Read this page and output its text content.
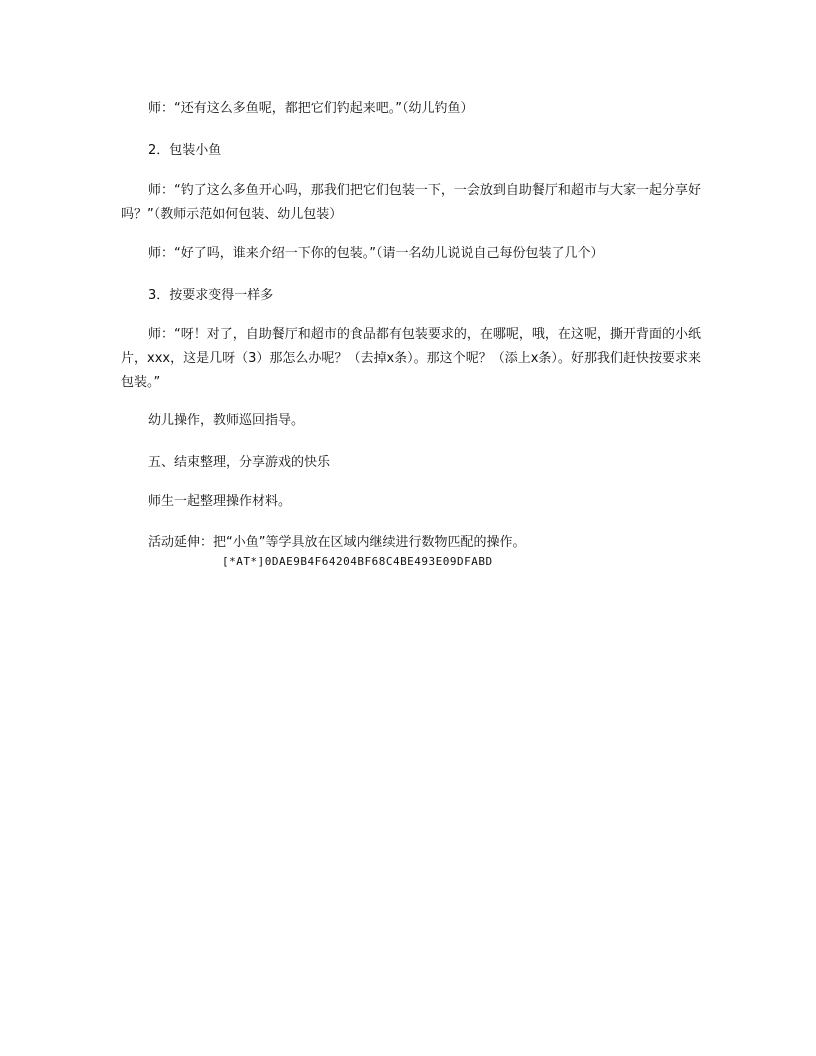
师：“还有这么多鱼呢，都把它们钓起来吧。”（幼儿钓鱼）
2．包装小鱼
师：“钓了这么多鱼开心吗，那我们把它们包装一下，一会放到自助餐厅和超市与大家一起分享好吗？”（教师示范如何包装、幼儿包装）
师：“好了吗，谁来介绍一下你的包装。”（请一名幼儿说说自己每份包装了几个）
3．按要求变得一样多
师：“呀！对了，自助餐厅和超市的食品都有包装要求的，在哪呢，哦，在这呢，撕开背面的小纸片，xxx，这是几呀（3）那怎么办呢？（去掉x条）。那这个呢？（添上x条）。好那我们赶快按要求来包装。”
幼儿操作，教师巡回指导。
五、结束整理，分享游戏的快乐
师生一起整理操作材料。
活动延伸：把“小鱼”等学具放在区域内继续进行数物匹配的操作。
[*AT*]0DAE9B4F64204BF68C4BE493E09DFABD
